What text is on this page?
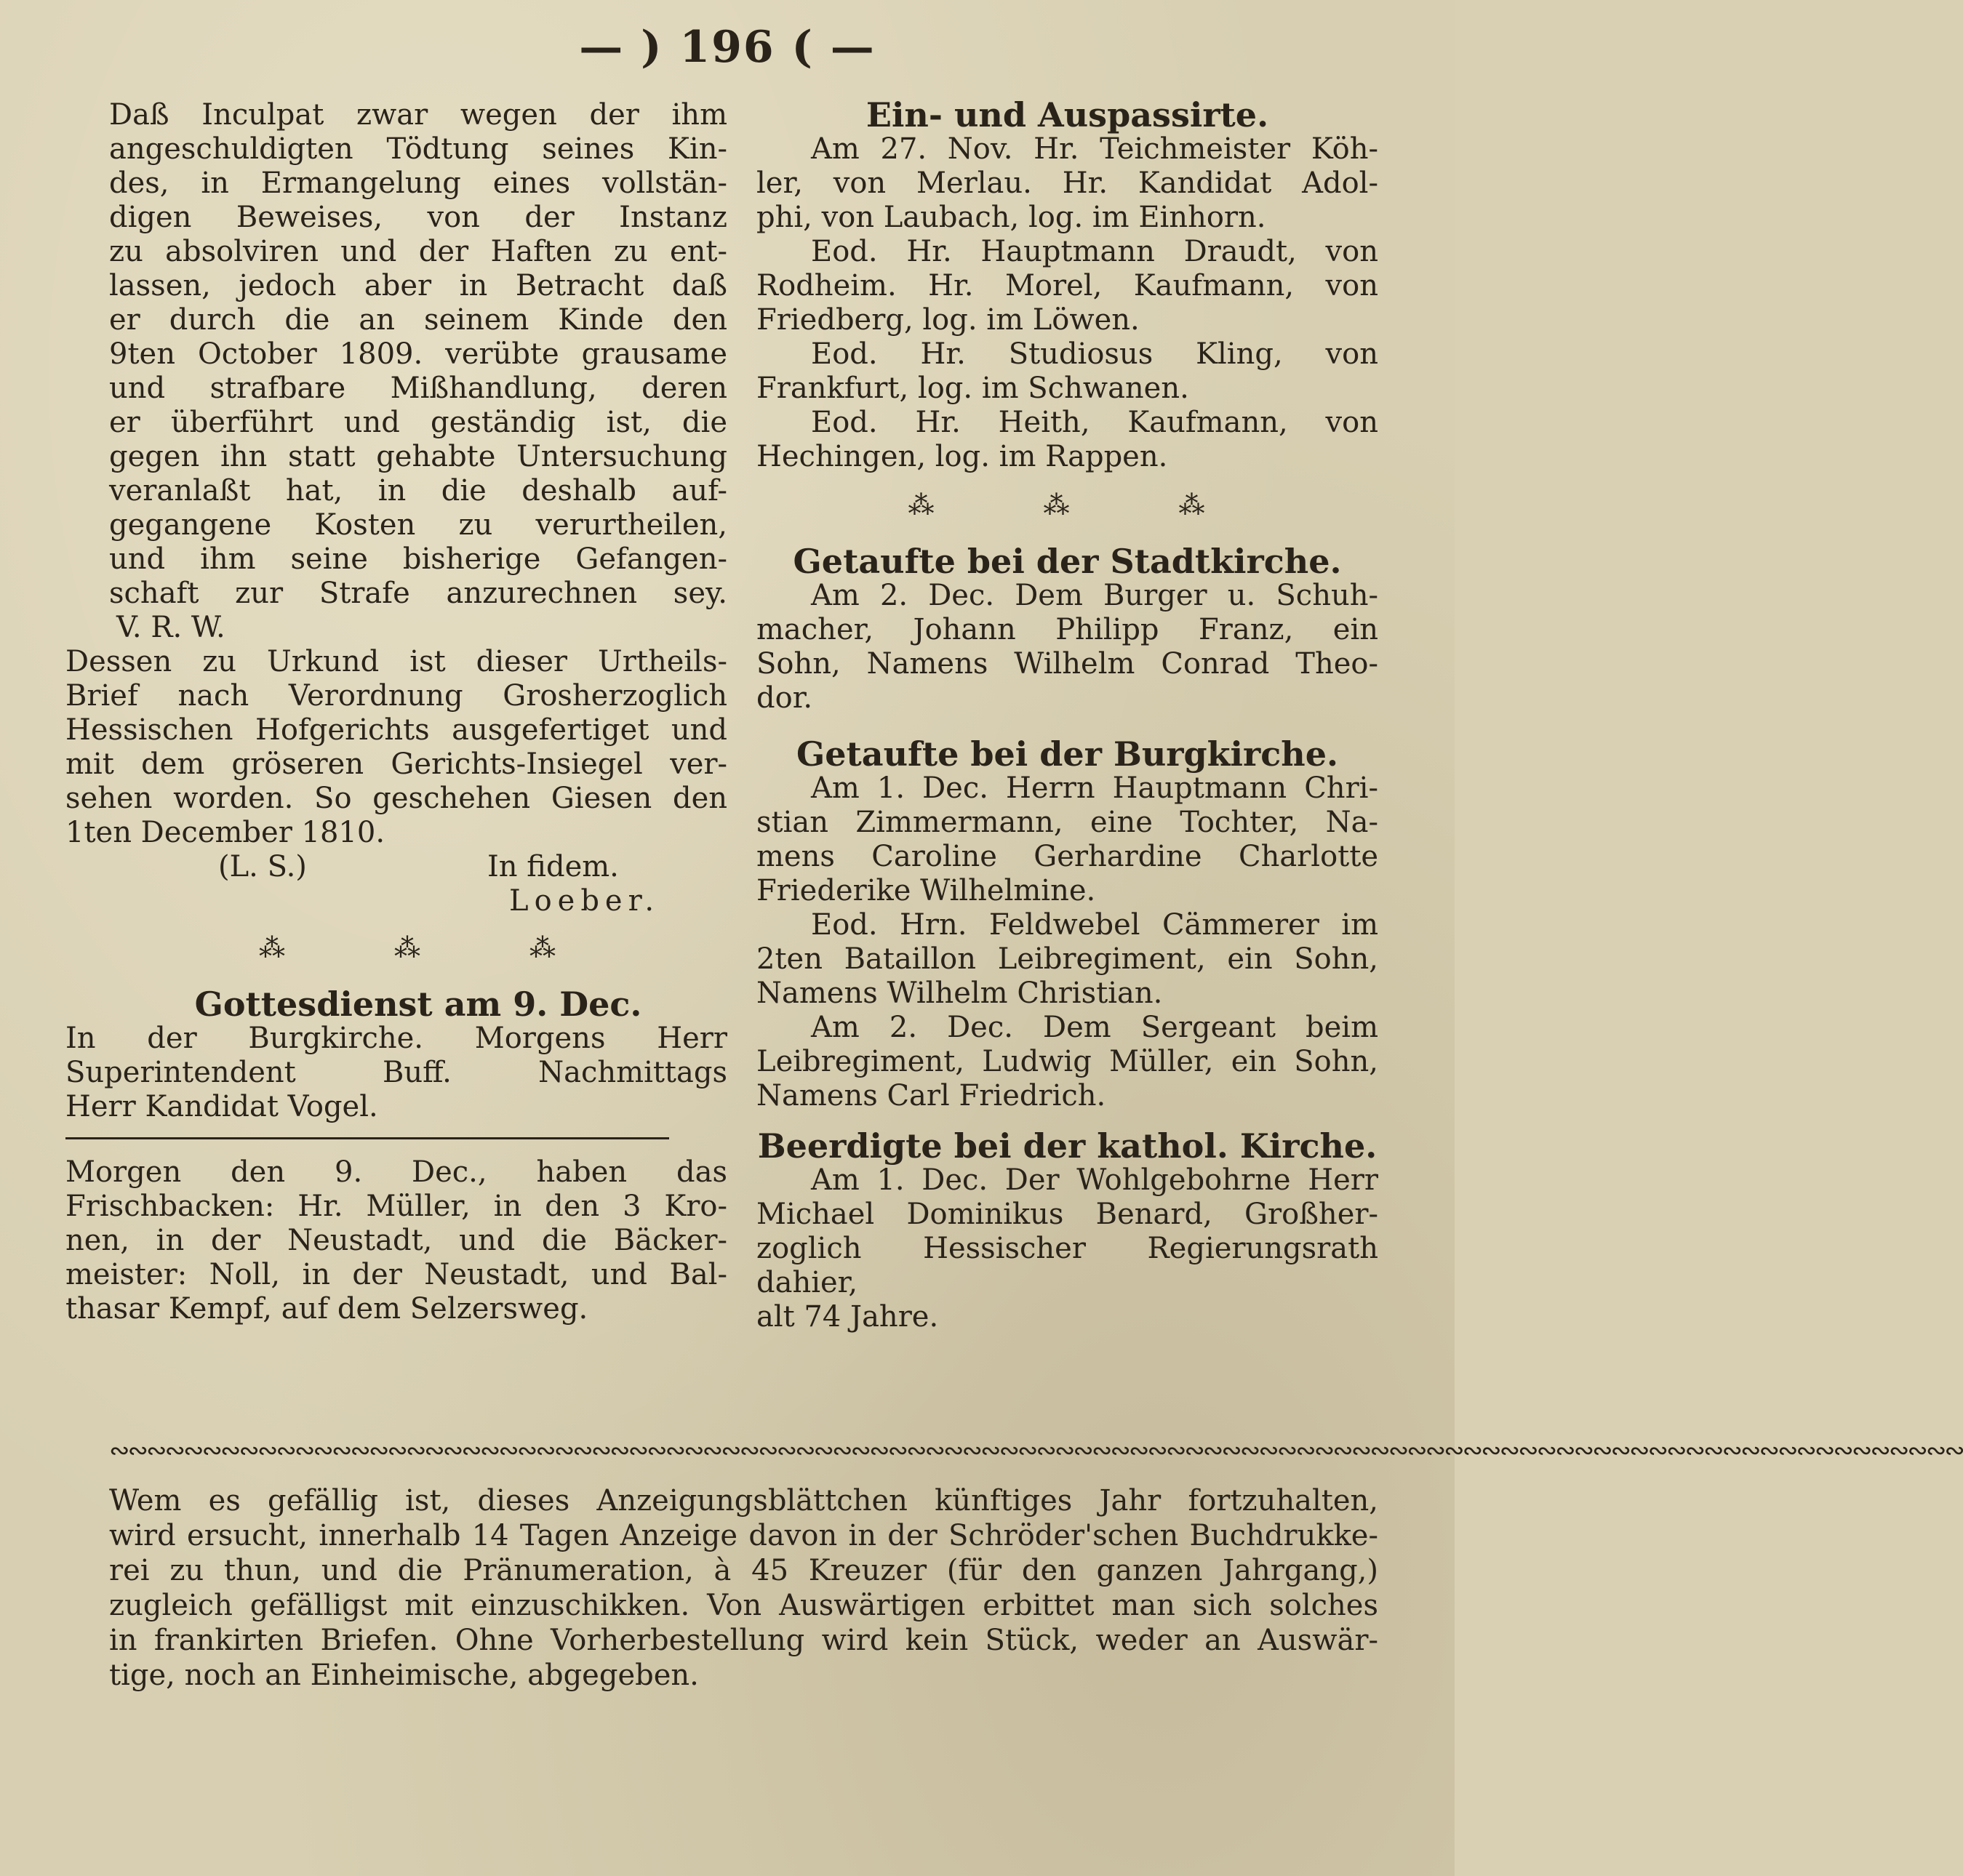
— ) 196 ( —

Daß Inculpat zwar wegen der ihm

angeschuldigten Tödtung seines Kin-

des, in Ermangelung eines vollstän-

digen Beweises, von der Instanz

zu absolviren und der Haften zu ent-

lassen, jedoch aber in Betracht daß

er durch die an seinem Kinde den

9ten October 1809. verübte grausame

und strafbare Mißhandlung, deren

er überführt und geständig ist, die

gegen ihn statt gehabte Untersuchung

veranlaßt hat, in die deshalb auf-

gegangene Kosten zu verurtheilen,

und ihm seine bisherige Gefangen-

schaft zur Strafe anzurechnen sey.

V. R. W.

Dessen zu Urkund ist dieser Urtheils-

Brief nach Verordnung Grosherzoglich

Hessischen Hofgerichts ausgefertiget und

mit dem gröseren Gerichts-Insiegel ver-

sehen worden. So geschehen Giesen den

1ten December 1810.

(L. S.)	In fidem.
Loeber.

⁂	⁂	⁂

Gottesdienst am 9. Dec.

In der Burgkirche. Morgens Herr

Superintendent Buff. Nachmittags

Herr Kandidat Vogel.

Morgen den 9. Dec., haben das

Frischbacken: Hr. Müller, in den 3 Kro-

nen, in der Neustadt, und die Bäcker-

meister: Noll, in der Neustadt, und Bal-

thasar Kempf, auf dem Selzersweg.

Ein- und Auspassirte.

Am 27. Nov. Hr. Teichmeister Köh-

ler, von Merlau. Hr. Kandidat Adol-

phi, von Laubach, log. im Einhorn.

Eod. Hr. Hauptmann Draudt, von

Rodheim. Hr. Morel, Kaufmann, von

Friedberg, log. im Löwen.

Eod. Hr. Studiosus Kling, von

Frankfurt, log. im Schwanen.

Eod. Hr. Heith, Kaufmann, von

Hechingen, log. im Rappen.

⁂	⁂	⁂

Getaufte bei der Stadtkirche.

Am 2. Dec. Dem Burger u. Schuh-

macher, Johann Philipp Franz, ein

Sohn, Namens Wilhelm Conrad Theo-

dor.

Getaufte bei der Burgkirche.

Am 1. Dec. Herrn Hauptmann Chri-

stian Zimmermann, eine Tochter, Na-

mens Caroline Gerhardine Charlotte

Friederike Wilhelmine.

Eod. Hrn. Feldwebel Cämmerer im

2ten Bataillon Leibregiment, ein Sohn,

Namens Wilhelm Christian.

Am 2. Dec. Dem Sergeant beim

Leibregiment, Ludwig Müller, ein Sohn,

Namens Carl Friedrich.

Beerdigte bei der kathol. Kirche.

Am 1. Dec. Der Wohlgebohrne Herr

Michael Dominikus Benard, Großher-

zoglich Hessischer Regierungsrath dahier,

alt 74 Jahre.

∾∾∾∾∾∾∾∾∾∾∾∾∾∾∾∾∾∾∾∾∾∾∾∾∾∾∾∾∾∾∾∾∾∾∾∾∾∾∾∾∾∾∾∾∾∾∾∾∾∾∾∾∾∾∾∾∾∾∾∾∾∾∾∾∾∾∾∾∾∾∾∾∾∾∾∾∾∾∾∾∾∾∾∾∾∾∾∾∾∾∾∾∾∾∾∾∾∾∾∾

Wem es gefällig ist, dieses Anzeigungsblättchen künftiges Jahr fortzuhalten,

wird ersucht, innerhalb 14 Tagen Anzeige davon in der Schröder'schen Buchdrukke-

rei zu thun, und die Pränumeration, à 45 Kreuzer (für den ganzen Jahrgang,)

zugleich gefälligst mit einzuschikken. Von Auswärtigen erbittet man sich solches

in frankirten Briefen. Ohne Vorherbestellung wird kein Stück, weder an Auswär-

tige, noch an Einheimische, abgegeben.
